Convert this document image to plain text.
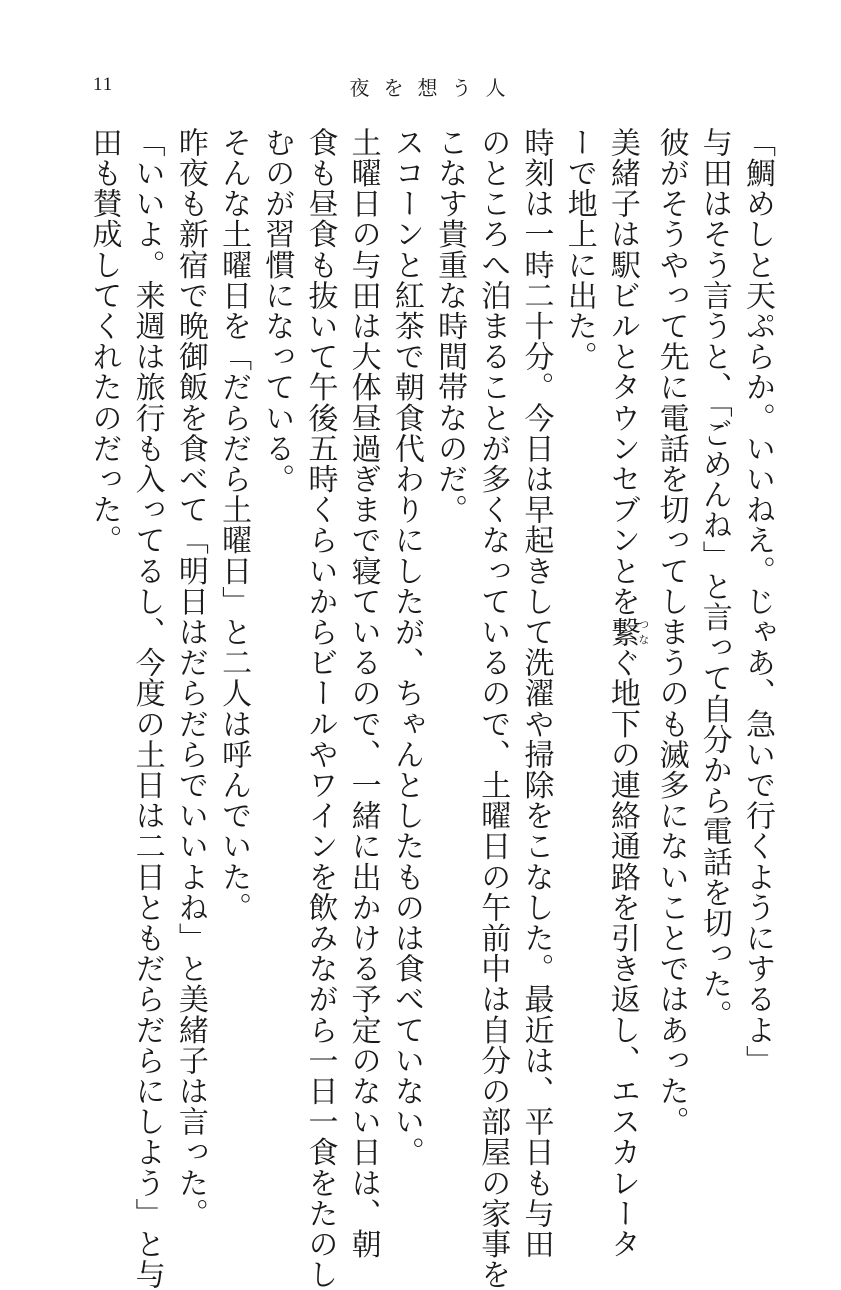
11	夜を想う人

「鯛めしと天ぷらか。いいねえ。じゃあ、急いで行くようにするよ」

与田はそう言うと、「ごめんね」と言って自分から電話を切った。

彼がそうやって先に電話を切ってしまうのも滅多にないことではあった。

美緒子は駅ビルとタウンセブンとを繋つなぐ地下の連絡通路を引き返し、エスカレータ

ーで地上に出た。

時刻は一時二十分。今日は早起きして洗濯や掃除をこなした。最近は、平日も与田

のところへ泊まることが多くなっているので、土曜日の午前中は自分の部屋の家事を

こなす貴重な時間帯なのだ。

スコーンと紅茶で朝食代わりにしたが、ちゃんとしたものは食べていない。

土曜日の与田は大体昼過ぎまで寝ているので、一緒に出かける予定のない日は、朝

食も昼食も抜いて午後五時くらいからビールやワインを飲みながら一日一食をたのし

むのが習慣になっている。

そんな土曜日を「だらだら土曜日」と二人は呼んでいた。

昨夜も新宿で晩御飯を食べて「明日はだらだらでいいよね」と美緒子は言った。

「いいよ。来週は旅行も入ってるし、今度の土日は二日ともだらだらにしよう」と与

田も賛成してくれたのだった。
